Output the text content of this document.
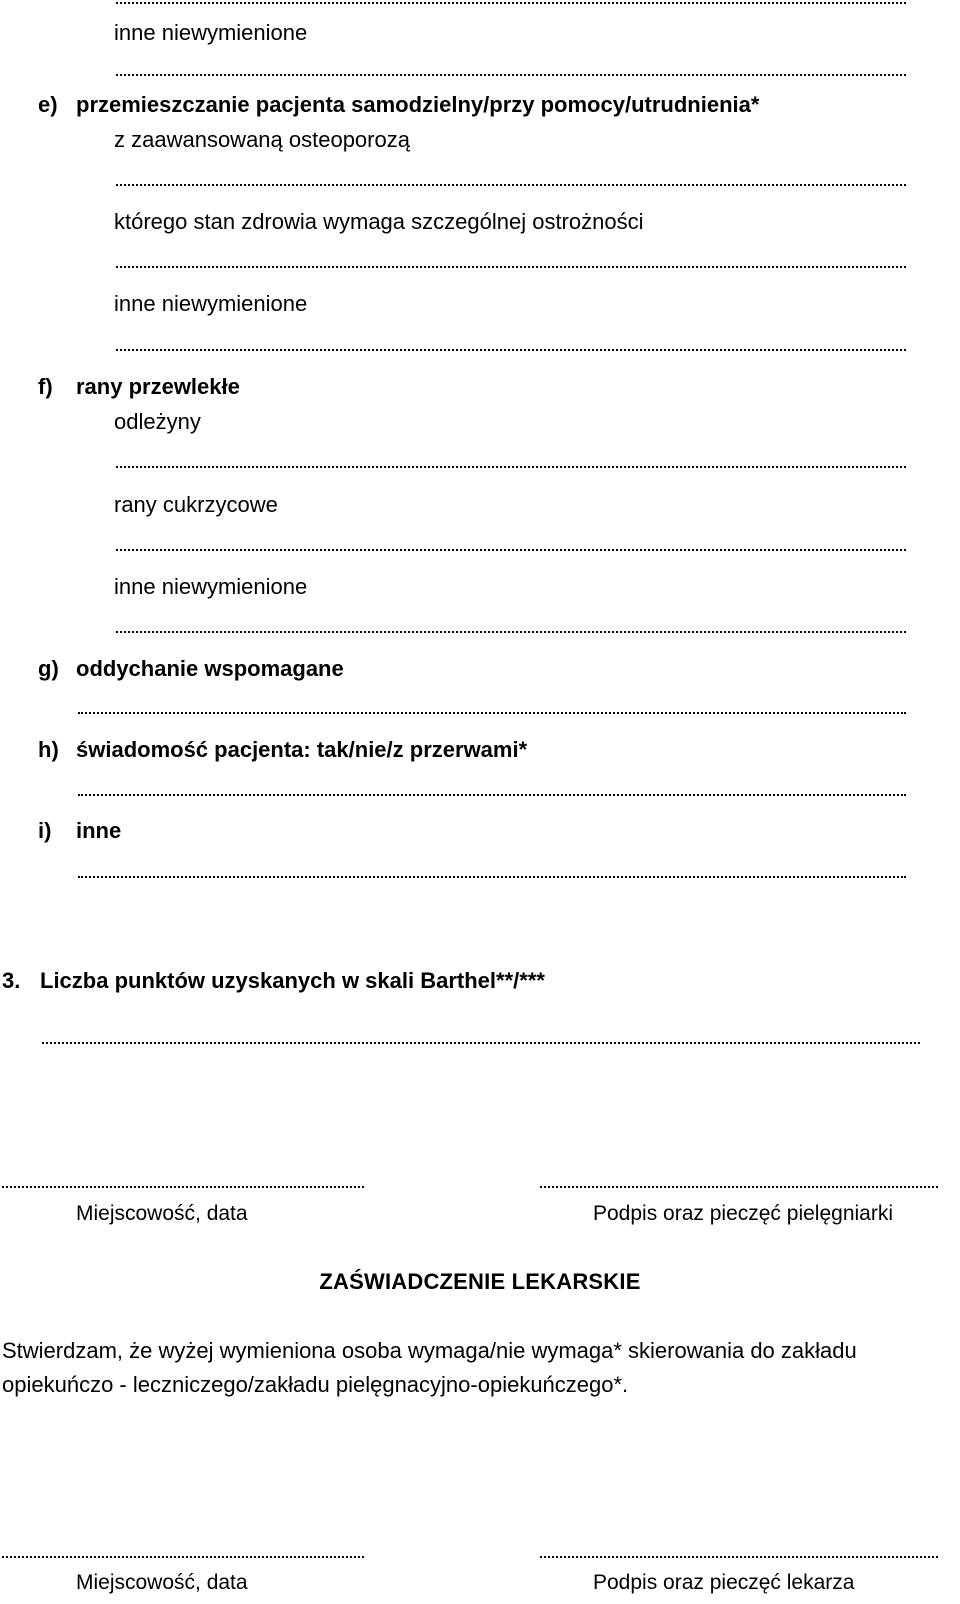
inne niewymienione
e) przemieszczanie pacjenta samodzielny/przy pomocy/utrudnienia*
z zaawansowaną osteoporozą
którego stan zdrowia wymaga szczególnej ostrożności
inne niewymienione
f) rany przewlekłe
odleżyny
rany cukrzycowe
inne niewymienione
g) oddychanie wspomagane
h) świadomość pacjenta: tak/nie/z przerwami*
i) inne
3. Liczba punktów uzyskanych w skali Barthel**/***
Miejscowość, data	Podpis oraz pieczęć pielęgniarki
ZAŚWIADCZENIE LEKARSKIE
Stwierdzam, że wyżej wymieniona osoba wymaga/nie wymaga* skierowania do zakładu
opiekuńczo - leczniczego/zakładu pielęgnacyjno-opiekuńczego*.
Miejscowość, data	Podpis oraz pieczęć lekarza
